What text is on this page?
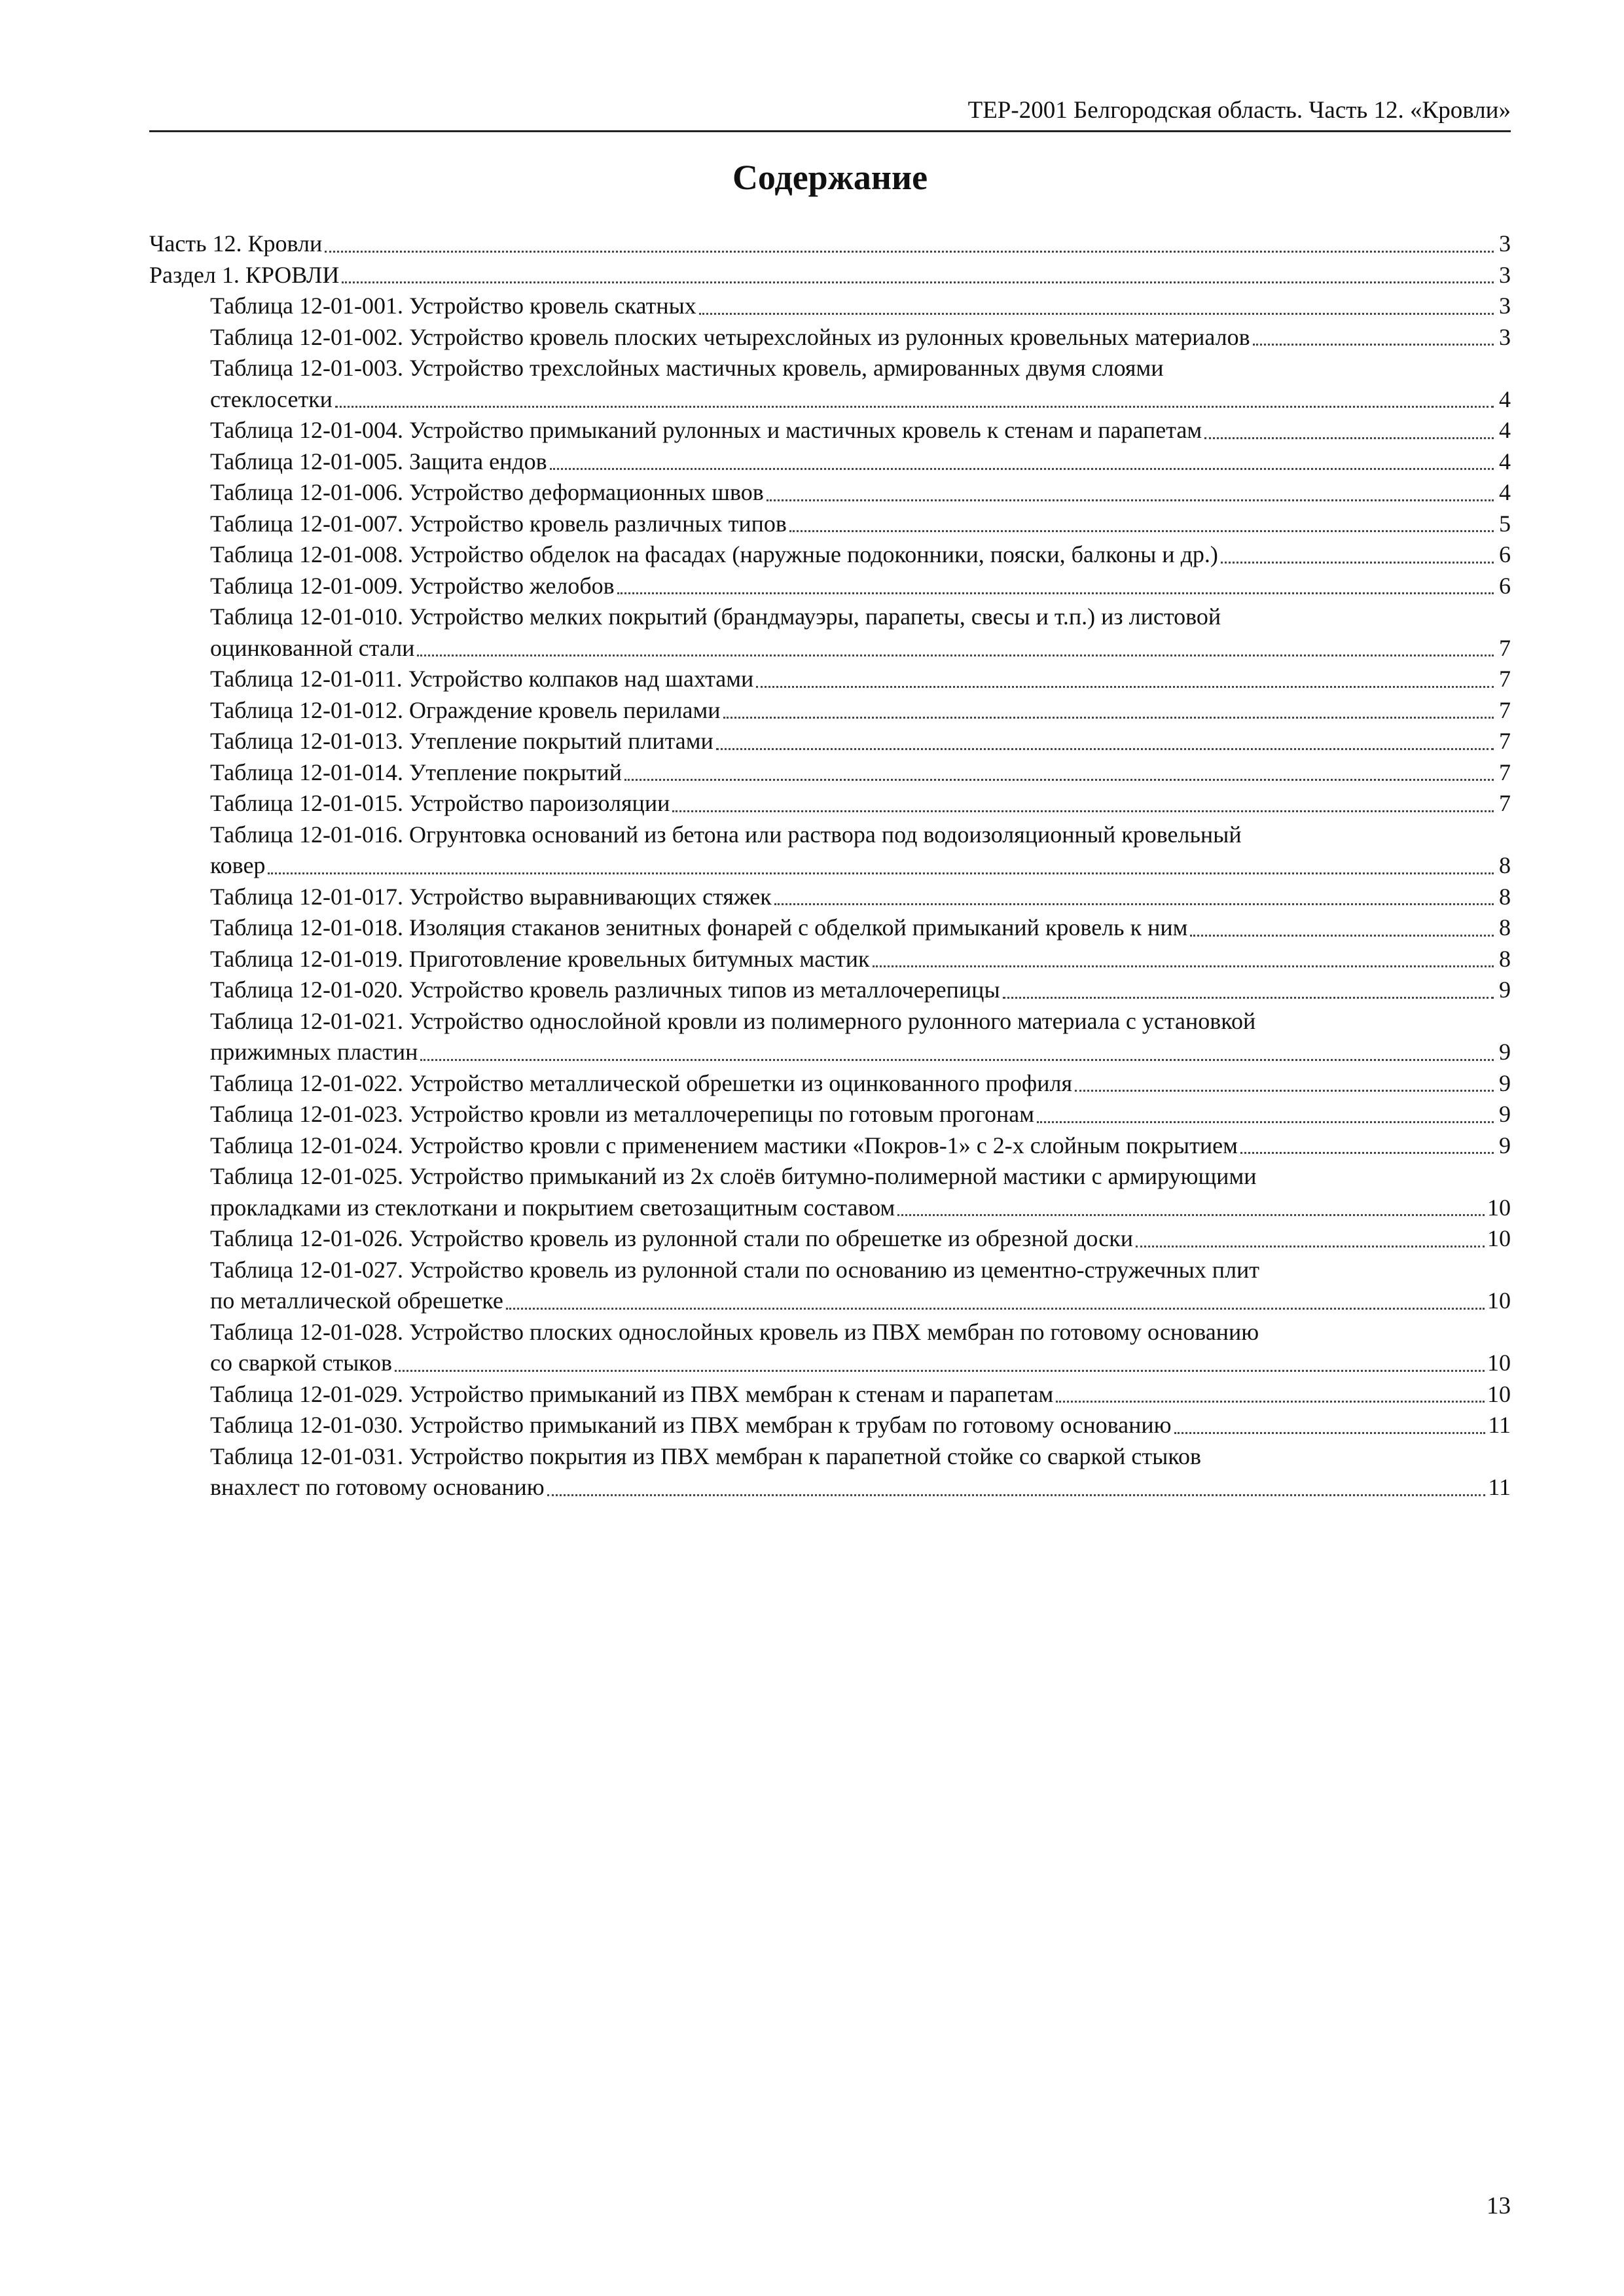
ТЕР-2001 Белгородская область. Часть 12. «Кровли»
Содержание
Часть 12. Кровли	3
Раздел 1. КРОВЛИ	3
Таблица 12-01-001. Устройство кровель скатных	3
Таблица 12-01-002. Устройство кровель плоских четырехслойных из рулонных кровельных материалов	3
Таблица 12-01-003. Устройство трехслойных мастичных кровель, армированных двумя слоями
стеклосетки	4
Таблица 12-01-004. Устройство примыканий рулонных и мастичных кровель к стенам и парапетам	4
Таблица 12-01-005. Защита ендов	4
Таблица 12-01-006. Устройство деформационных швов	4
Таблица 12-01-007. Устройство кровель различных типов	5
Таблица 12-01-008. Устройство обделок на фасадах (наружные подоконники, пояски, балконы и др.)	6
Таблица 12-01-009. Устройство желобов	6
Таблица 12-01-010. Устройство мелких покрытий (брандмауэры, парапеты, свесы и т.п.) из листовой
оцинкованной стали	7
Таблица 12-01-011. Устройство колпаков над шахтами	7
Таблица 12-01-012. Ограждение кровель перилами	7
Таблица 12-01-013. Утепление покрытий плитами	7
Таблица 12-01-014. Утепление покрытий	7
Таблица 12-01-015. Устройство пароизоляции	7
Таблица 12-01-016. Огрунтовка оснований из бетона или раствора под водоизоляционный кровельный
ковер	8
Таблица 12-01-017. Устройство выравнивающих стяжек	8
Таблица 12-01-018. Изоляция стаканов зенитных фонарей с обделкой примыканий кровель к ним	8
Таблица 12-01-019. Приготовление кровельных битумных мастик	8
Таблица 12-01-020. Устройство кровель различных типов из металлочерепицы	9
Таблица 12-01-021. Устройство однослойной кровли из полимерного рулонного материала с установкой
прижимных пластин	9
Таблица 12-01-022. Устройство металлической обрешетки из оцинкованного профиля	9
Таблица 12-01-023. Устройство кровли из металлочерепицы по готовым прогонам	9
Таблица 12-01-024. Устройство кровли с применением мастики «Покров-1» с 2-х слойным покрытием	9
Таблица 12-01-025. Устройство примыканий из 2х слоёв битумно-полимерной мастики с армирующими
прокладками из стеклоткани и покрытием светозащитным составом	10
Таблица 12-01-026. Устройство кровель из рулонной стали по обрешетке из обрезной доски	10
Таблица 12-01-027. Устройство кровель из рулонной стали по основанию из цементно-стружечных плит
по металлической обрешетке	10
Таблица 12-01-028. Устройство плоских однослойных кровель из ПВХ мембран по готовому основанию
со сваркой стыков	10
Таблица 12-01-029. Устройство примыканий из ПВХ мембран к стенам и парапетам	10
Таблица 12-01-030. Устройство примыканий из ПВХ мембран к трубам по готовому основанию	11
Таблица 12-01-031. Устройство покрытия из ПВХ мембран к парапетной стойке со сваркой стыков
внахлест по готовому основанию	11
13
